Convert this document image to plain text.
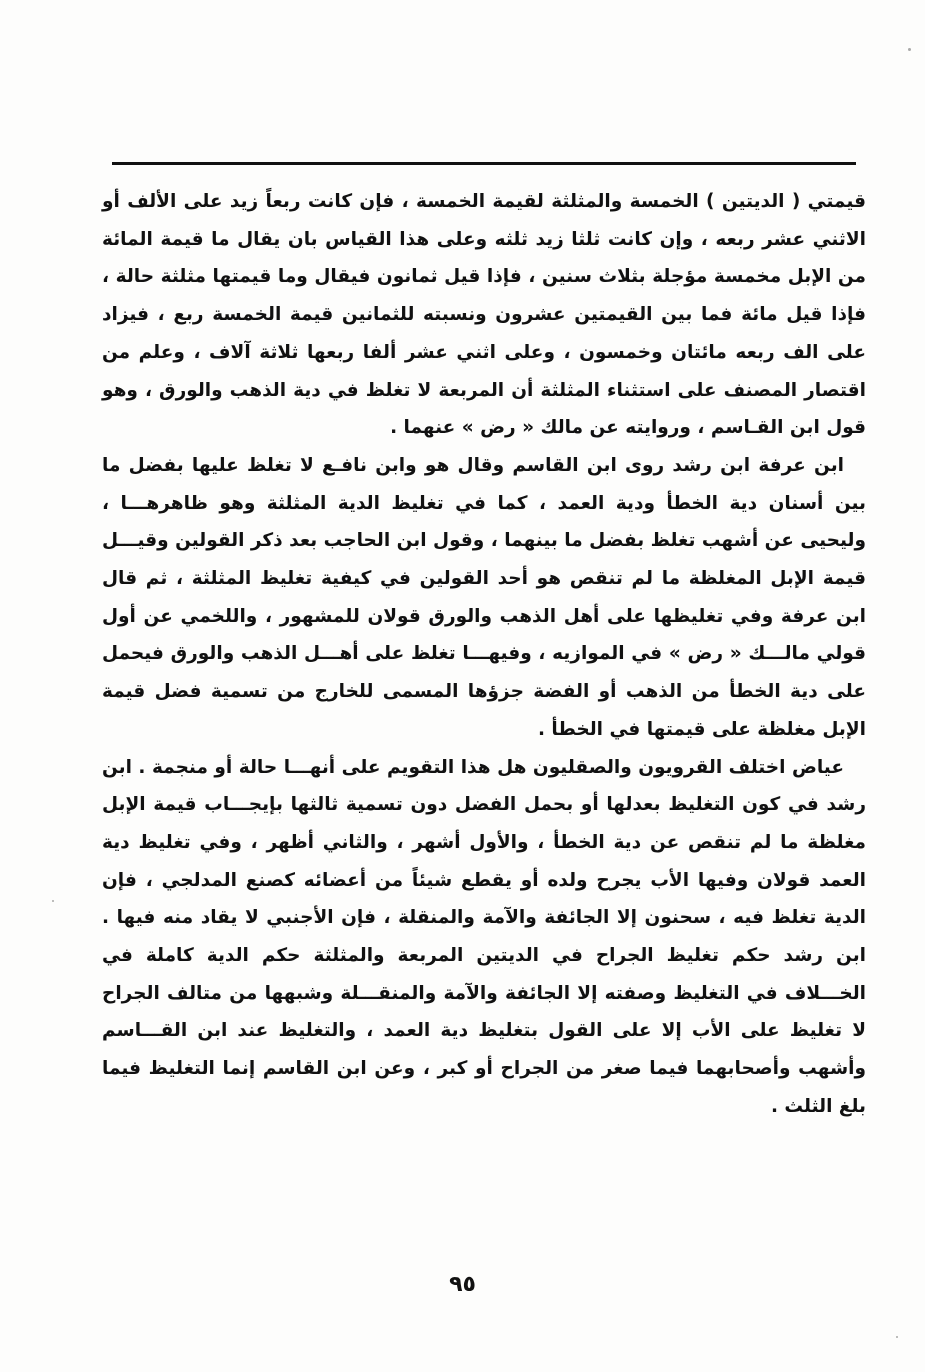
قيمتي ( الديتين ) الخمسة والمثلثة لقيمة الخمسة ، فإن كانت ربعاً زيد على الألف أو الاثني عشر ربعه ، وإن كانت ثلثا زيد ثلثه وعلى هذا القياس بان يقال ما قيمة المائة من الإبل مخمسة مؤجلة بثلاث سنين ، فإذا قيل ثمانون فيقال وما قيمتها مثلثة حالة ، فإذا قيل مائة فما بين القيمتين عشرون ونسبته للثمانين قيمة الخمسة ربع ، فيزاد على الف ربعه مائتان وخمسون ، وعلى اثني عشر ألفا ربعها ثلاثة آلاف ، وعلم من اقتصار المصنف على استثناء المثلثة أن المربعة لا تغلظ في دية الذهب والورق ، وهو قول ابن القـاسم ، وروايته عن مالك « رض » عنهما .

ابن عرفة ابن رشد روى ابن القاسم وقال هو وابن نافـع لا تغلظ عليها بفضل ما بين أسنان دية الخطأ ودية العمد ، كما في تغليظ الدية المثلثة وهو ظاهرهـــا ، وليحيى عن أشهب تغلظ بفضل ما بينهما ، وقول ابن الحاجب بعد ذكر القولين وقيـــل قيمة الإبل المغلظة ما لم تنقص هو أحد القولين في كيفية تغليظ المثلثة ، ثم قال ابن عرفة وفي تغليظها على أهل الذهب والورق قولان للمشهور ، واللخمي عن أول قولي مالـــك « رض » في الموازيه ، وفيهـــا تغلظ على أهـــل الذهب والورق فيحمل على دية الخطأ من الذهب أو الفضة جزؤها المسمى للخارج من تسمية فضل قيمة الإبل مغلظة على قيمتها في الخطأ .

عياض اختلف القرويون والصقليون هل هذا التقويم على أنهـــا حالة أو منجمة . ابن رشد في كون التغليظ بعدلها أو بحمل الفضل دون تسمية ثالثها بإيجـــاب قيمة الإبل مغلظة ما لم تنقص عن دية الخطأ ، والأول أشهر ، والثاني أظهر ، وفي تغليظ دية العمد قولان وفيها الأب يجرح ولده أو يقطع شيئاً من أعضائه كصنع المدلجي ، فإن الدية تغلظ فيه ، سحنون إلا الجائفة والآمة والمنقلة ، فإن الأجنبي لا يقاد منه فيها . ابن رشد حكم تغليظ الجراح في الديتين المربعة والمثلثة حكم الدية كاملة في الخـــلاف في التغليظ وصفته إلا الجائفة والآمة والمنقـــلة وشبهها من متالف الجراح لا تغليظ على الأب إلا على القول بتغليظ دية العمد ، والتغليظ عند ابن القـــاسم وأشهب وأصحابهما فيما صغر من الجراح أو كبر ، وعن ابن القاسم إنما التغليظ فيما بلغ الثلث .

٩٥
